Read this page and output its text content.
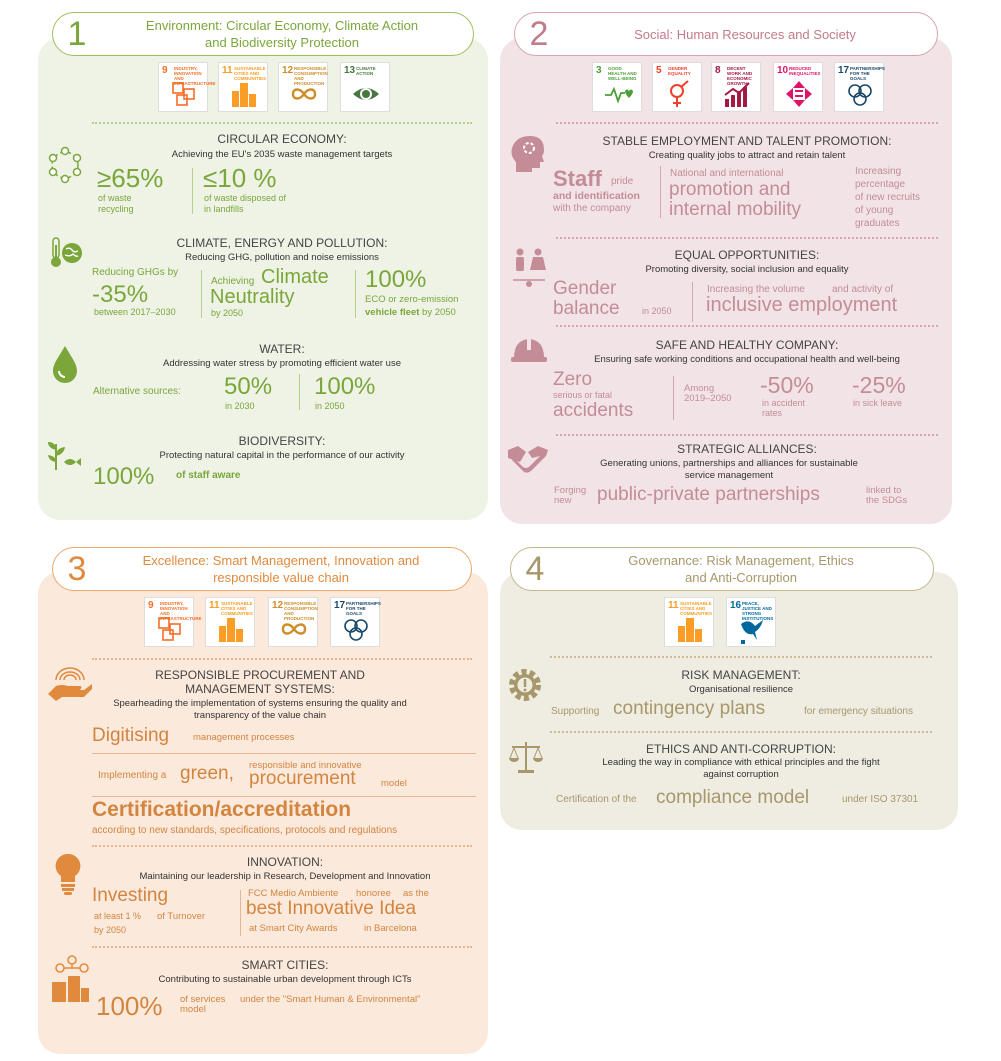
1	Environment: Circular Economy, Climate Action
and Biodiversity Protection
9 INDUSTRY, INNOVATION AND INFRASTRUCTURE
11 SUSTAINABLE CITIES AND COMMUNITIES
12 RESPONSIBLE CONSUMPTION AND PRODUCTION
13 CLIMATE ACTION
CIRCULAR ECONOMY:
Achieving the EU's 2035 waste management targets
≥65%
of waste
recycling
≤10 %
of waste disposed of
in landfills
CLIMATE, ENERGY AND POLLUTION:
Reducing GHG, pollution and noise emissions
Reducing GHGs by
-35%
between 2017–2030
Achieving Climate
Neutrality
by 2050
100%
ECO or zero-emission
vehicle fleet by 2050
WATER:
Addressing water stress by promoting efficient water use
Alternative sources: 50%
in 2030
100%
in 2050
BIODIVERSITY:
Protecting natural capital in the performance of our activity
100% of staff aware
2	Social: Human Resources and Society
3 GOOD HEALTH AND WELL-BEING
5 GENDER EQUALITY	8 DECENT WORK AND ECONOMIC GROWTH
10 REDUCED INEQUALITIES 17 PARTNERSHIPS FOR THE GOALS
STABLE EMPLOYMENT AND TALENT PROMOTION:
Creating quality jobs to attract and retain talent
Staff pride
and identification
with the company
National and international
promotion and
internal mobility
Increasing
percentage
of new recruits
of young
graduates
EQUAL OPPORTUNITIES:
Promoting diversity, social inclusion and equality
Gender
balance in 2050
Increasing the volume	and activity of
inclusive employment
SAFE AND HEALTHY COMPANY:
Ensuring safe working conditions and occupational health and well-being
Zero
serious or fatal
accidents
Among
2019–2050
-50%
in accident
rates
-25%
in sick leave
STRATEGIC ALLIANCES:
Generating unions, partnerships and alliances for sustainable
service management
Forging
new	public-private partnerships	linked to
the SDGs
3	Excellence: Smart Management, Innovation and
responsible value chain
9 INDUSTRY, INNOVATION AND INFRASTRUCTURE
11 SUSTAINABLE CITIES AND COMMUNITIES
12 RESPONSIBLE CONSUMPTION AND PRODUCTION
17 PARTNERSHIPS FOR THE GOALS
RESPONSIBLE PROCUREMENT AND
MANAGEMENT SYSTEMS:
Spearheading the implementation of systems ensuring the quality and
transparency of the value chain
Digitising	management processes
Implementing a green, responsible and innovative
procurement	model
Certification/accreditation
according to new standards, specifications, protocols and regulations
INNOVATION:
Maintaining our leadership in Research, Development and Innovation
Investing
at least 1 % of Turnover
by 2050
FCC Medio Ambiente honoree as the
best Innovative Idea
at Smart City Awards	in Barcelona
SMART CITIES:
Contributing to sustainable urban development through ICTs
100% of services under the "Smart Human & Environmental"
model
4	Governance: Risk Management, Ethics
and Anti-Corruption
11 SUSTAINABLE CITIES AND COMMUNITIES
16 PEACE, JUSTICE AND STRONG INSTITUTIONS
RISK MANAGEMENT:
Organisational resilience
Supporting contingency plans	for emergency situations
ETHICS AND ANTI-CORRUPTION:
Leading the way in compliance with ethical principles and the fight
against corruption
Certification of the compliance model	under ISO 37301
